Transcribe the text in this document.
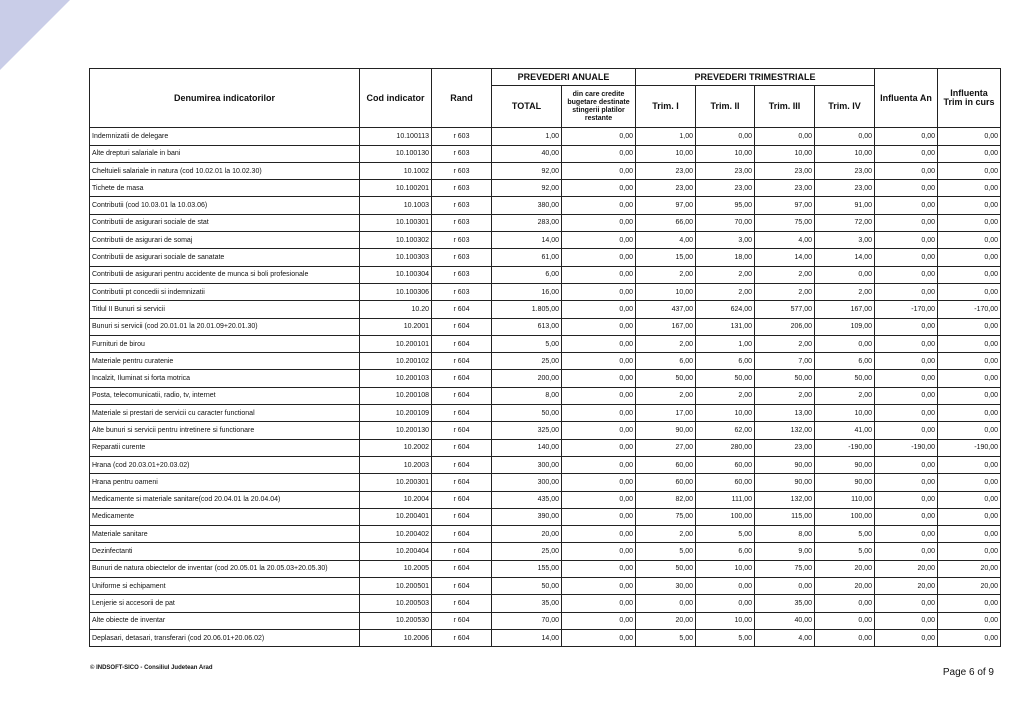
Denumirea indicatorilor	Cod indicator	Rand	PREVEDERI ANUALE		PREVEDERI TRIMESTRIALE				Influenta An	Influenta Trim in curs
			TOTAL	din care credite bugetare destinate stingerii platilor restante	Trim. I	Trim. II	Trim. III	Trim. IV		
Indemnizatii de delegare	10.100113	r 603	1,00	0,00	1,00	0,00	0,00	0,00	0,00	0,00
Alte drepturi salariale in bani	10.100130	r 603	40,00	0,00	10,00	10,00	10,00	10,00	0,00	0,00
Cheltuieli salariale in natura (cod 10.02.01 la 10.02.30)	10.1002	r 603	92,00	0,00	23,00	23,00	23,00	23,00	0,00	0,00
Tichete de masa	10.100201	r 603	92,00	0,00	23,00	23,00	23,00	23,00	0,00	0,00
Contributii (cod 10.03.01 la 10.03.06)	10.1003	r 603	380,00	0,00	97,00	95,00	97,00	91,00	0,00	0,00
Contributii de asigurari sociale de stat	10.100301	r 603	283,00	0,00	66,00	70,00	75,00	72,00	0,00	0,00
Contributii de asigurari de somaj	10.100302	r 603	14,00	0,00	4,00	3,00	4,00	3,00	0,00	0,00
Contributii de asigurari sociale de sanatate	10.100303	r 603	61,00	0,00	15,00	18,00	14,00	14,00	0,00	0,00
Contributii de asigurari pentru accidente de munca si boli profesionale	10.100304	r 603	6,00	0,00	2,00	2,00	2,00	0,00	0,00	0,00
Contributii pt concedii si indemnizatii	10.100306	r 603	16,00	0,00	10,00	2,00	2,00	2,00	0,00	0,00
Titlul II Bunuri si servicii	10.20	r 604	1.805,00	0,00	437,00	624,00	577,00	167,00	-170,00	-170,00
Bunuri si servicii (cod 20.01.01 la 20.01.09+20.01.30)	10.2001	r 604	613,00	0,00	167,00	131,00	206,00	109,00	0,00	0,00
Furnituri de birou	10.200101	r 604	5,00	0,00	2,00	1,00	2,00	0,00	0,00	0,00
Materiale pentru curatenie	10.200102	r 604	25,00	0,00	6,00	6,00	7,00	6,00	0,00	0,00
Incalzit, Iluminat si forta motrica	10.200103	r 604	200,00	0,00	50,00	50,00	50,00	50,00	0,00	0,00
Posta, telecomunicatii, radio, tv, internet	10.200108	r 604	8,00	0,00	2,00	2,00	2,00	2,00	0,00	0,00
Materiale si prestari de servicii cu caracter functional	10.200109	r 604	50,00	0,00	17,00	10,00	13,00	10,00	0,00	0,00
Alte bunuri si servicii pentru intretinere si functionare	10.200130	r 604	325,00	0,00	90,00	62,00	132,00	41,00	0,00	0,00
Reparatii curente	10.2002	r 604	140,00	0,00	27,00	280,00	23,00	-190,00	-190,00	-190,00
Hrana (cod 20.03.01+20.03.02)	10.2003	r 604	300,00	0,00	60,00	60,00	90,00	90,00	0,00	0,00
Hrana pentru oameni	10.200301	r 604	300,00	0,00	60,00	60,00	90,00	90,00	0,00	0,00
Medicamente si materiale sanitare(cod 20.04.01 la 20.04.04)	10.2004	r 604	435,00	0,00	82,00	111,00	132,00	110,00	0,00	0,00
Medicamente	10.200401	r 604	390,00	0,00	75,00	100,00	115,00	100,00	0,00	0,00
Materiale sanitare	10.200402	r 604	20,00	0,00	2,00	5,00	8,00	5,00	0,00	0,00
Dezinfectanti	10.200404	r 604	25,00	0,00	5,00	6,00	9,00	5,00	0,00	0,00
Bunuri de natura obiectelor de inventar (cod 20.05.01 la 20.05.03+20.05.30)	10.2005	r 604	155,00	0,00	50,00	10,00	75,00	20,00	20,00	20,00
Uniforme si echipament	10.200501	r 604	50,00	0,00	30,00	0,00	0,00	20,00	20,00	20,00
Lenjerie si accesorii de pat	10.200503	r 604	35,00	0,00	0,00	0,00	35,00	0,00	0,00	0,00
Alte obiecte de inventar	10.200530	r 604	70,00	0,00	20,00	10,00	40,00	0,00	0,00	0,00
Deplasari, detasari, transferari (cod 20.06.01+20.06.02)	10.2006	r 604	14,00	0,00	5,00	5,00	4,00	0,00	0,00	0,00
© INDSOFT-SICO - Consiliul Judetean Arad	Page 6 of 9
